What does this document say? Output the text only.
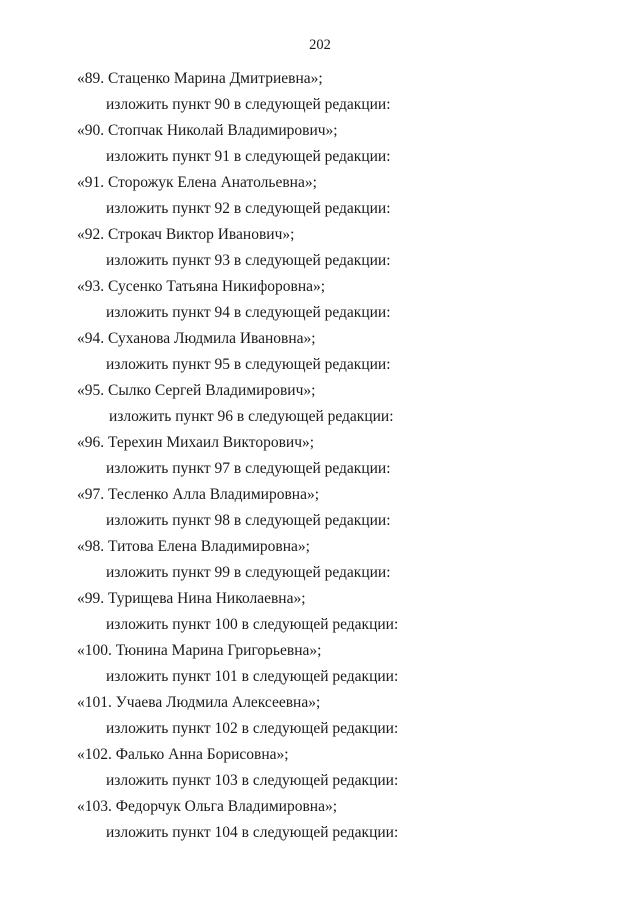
202
«89. Стаценко Марина Дмитриевна»;
изложить пункт 90 в следующей редакции:
«90. Стопчак Николай Владимирович»;
изложить пункт 91 в следующей редакции:
«91. Сторожук Елена Анатольевна»;
изложить пункт 92 в следующей редакции:
«92. Строкач Виктор Иванович»;
изложить пункт 93 в следующей редакции:
«93. Сусенко Татьяна Никифоровна»;
изложить пункт 94 в следующей редакции:
«94. Суханова Людмила Ивановна»;
изложить пункт 95 в следующей редакции:
«95. Сылко Сергей Владимирович»;
изложить пункт 96 в следующей редакции:
«96. Терехин Михаил Викторович»;
изложить пункт 97 в следующей редакции:
«97. Тесленко Алла Владимировна»;
изложить пункт 98 в следующей редакции:
«98. Титова Елена Владимировна»;
изложить пункт 99 в следующей редакции:
«99. Турищева Нина Николаевна»;
изложить пункт 100 в следующей редакции:
«100. Тюнина Марина Григорьевна»;
изложить пункт 101 в следующей редакции:
«101. Учаева Людмила Алексеевна»;
изложить пункт 102 в следующей редакции:
«102. Фалько Анна Борисовна»;
изложить пункт 103 в следующей редакции:
«103. Федорчук Ольга Владимировна»;
изложить пункт 104 в следующей редакции:
